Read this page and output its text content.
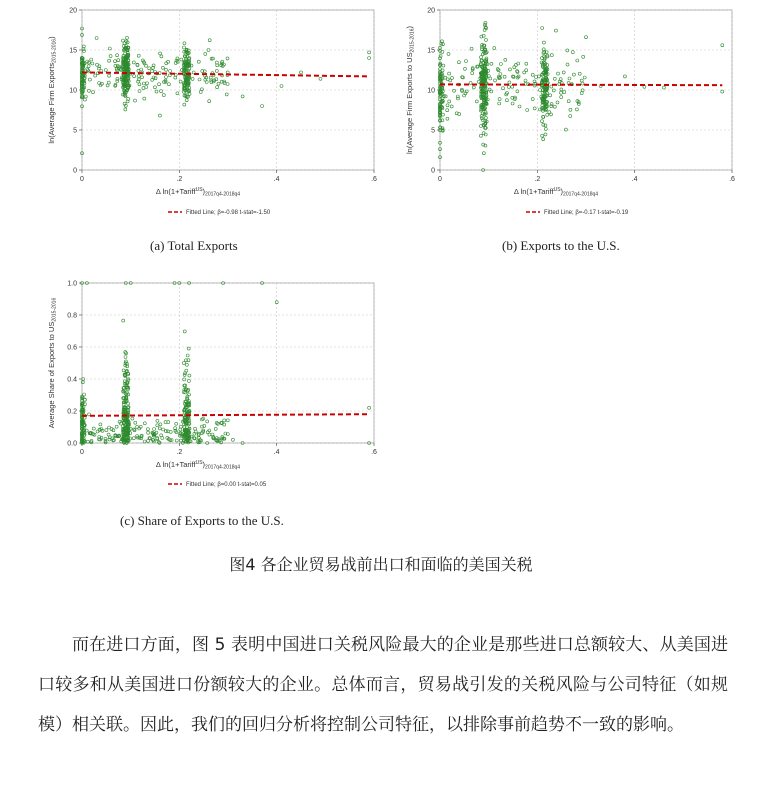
0
5
10
15
20
0	.2	.4	.6
Δ $\ln(1+Tariff^{US})_{2017q4-2018q4}$
ln(Average Firm Exports$_{2015-2016}$)
Fitted Line; β=-0.98 t-stat=-1.50
(a) Total Exports
0
5
10
15
20
0	.2	.4	.6
Δ $\ln(1+Tariff^{US})_{2017q4-2018q4}$
ln(Average Firm Exports to $US_{2015-2016}$)
Fitted Line; β=-0.17 t-stat=-0.19
(b) Exports to the U.S.
0.0
0.2
0.4
0.6
0.8
1.0
0	.2	.4	.6
Δ $\ln(1+Tariff^{US})_{2017q4-2018q4}$
Average Share of Exports to $US_{2015-2016}$
Fitted Line; β=0.00 t-stat=0.05
(c) Share of Exports to the U.S.
图4 各企业贸易战前出口和面临的美国关税

而在进口方面，图 5 表明中国进口关税风险最大的企业是那些进口总额较大、从美国进口较多和从美国进口份额较大的企业。总体而言，贸易战引发的关税风险与公司特征（如规模）相关联。因此，我们的回归分析将控制公司特征，以排除事前趋势不一致的影响。
